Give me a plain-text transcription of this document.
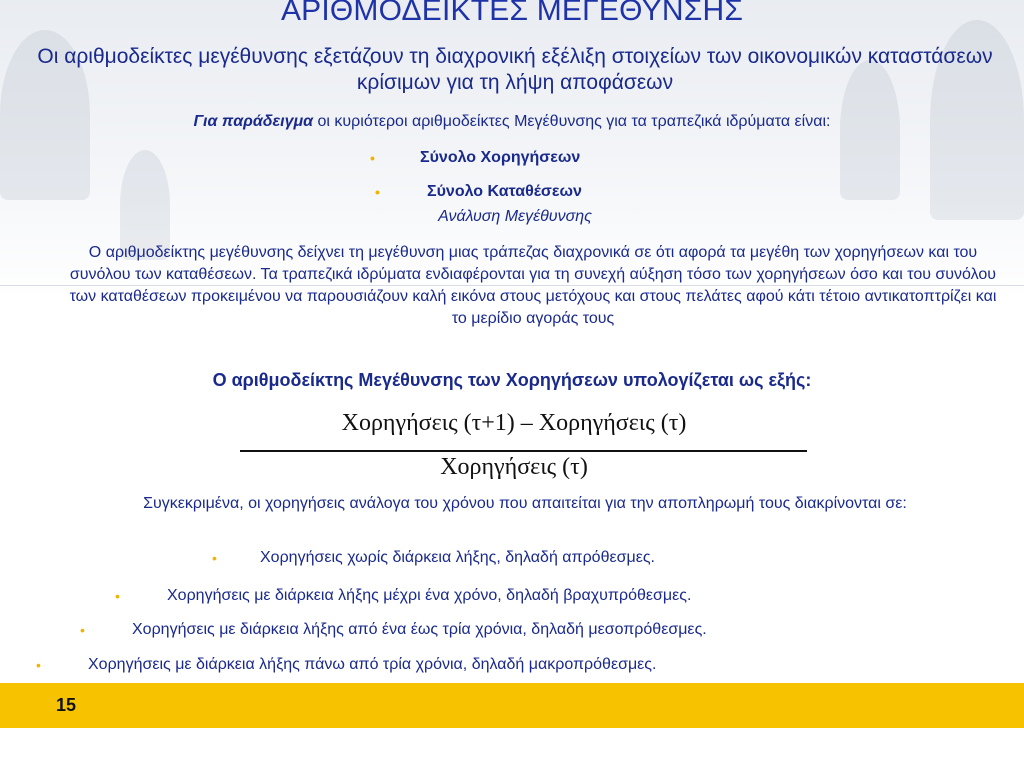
ΑΡΙΘΜΟΔΕΙΚΤΕΣ ΜΕΓΕΘΥΝΣΗΣ
Οι αριθμοδείκτες μεγέθυνσης εξετάζουν τη διαχρονική εξέλιξη στοιχείων των οικονομικών καταστάσεων κρίσιμων για τη λήψη αποφάσεων
Για παράδειγμα οι κυριότεροι αριθμοδείκτες Μεγέθυνσης για τα τραπεζικά ιδρύματα είναι:
•	Σύνολο Χορηγήσεων
•	Σύνολο Καταθέσεων
Ανάλυση Μεγέθυνσης
Ο αριθμοδείκτης μεγέθυνσης δείχνει τη μεγέθυνση μιας τράπεζας διαχρονικά σε ότι αφορά τα μεγέθη των χορηγήσεων και του συνόλου των καταθέσεων. Τα τραπεζικά ιδρύματα ενδιαφέρονται για τη συνεχή αύξηση τόσο των χορηγήσεων όσο και του συνόλου των καταθέσεων προκειμένου να παρουσιάζουν καλή εικόνα στους μετόχους και στους πελάτες αφού κάτι τέτοιο αντικατοπτρίζει και το μερίδιο αγοράς τους
Ο αριθμοδείκτης Μεγέθυνσης των Χορηγήσεων υπολογίζεται ως εξής:
Χορηγήσεις (τ+1) – Χορηγήσεις (τ)
Χορηγήσεις (τ)
Συγκεκριμένα, οι χορηγήσεις ανάλογα του χρόνου που απαιτείται για την αποπληρωμή τους διακρίνονται σε:
•	Χορηγήσεις χωρίς διάρκεια λήξης, δηλαδή απρόθεσμες.
•	Χορηγήσεις με διάρκεια λήξης μέχρι ένα χρόνο, δηλαδή βραχυπρόθεσμες.
•	Χορηγήσεις με διάρκεια λήξης από ένα έως τρία χρόνια, δηλαδή μεσοπρόθεσμες.
•	Χορηγήσεις με διάρκεια λήξης πάνω από τρία χρόνια, δηλαδή μακροπρόθεσμες.
15
